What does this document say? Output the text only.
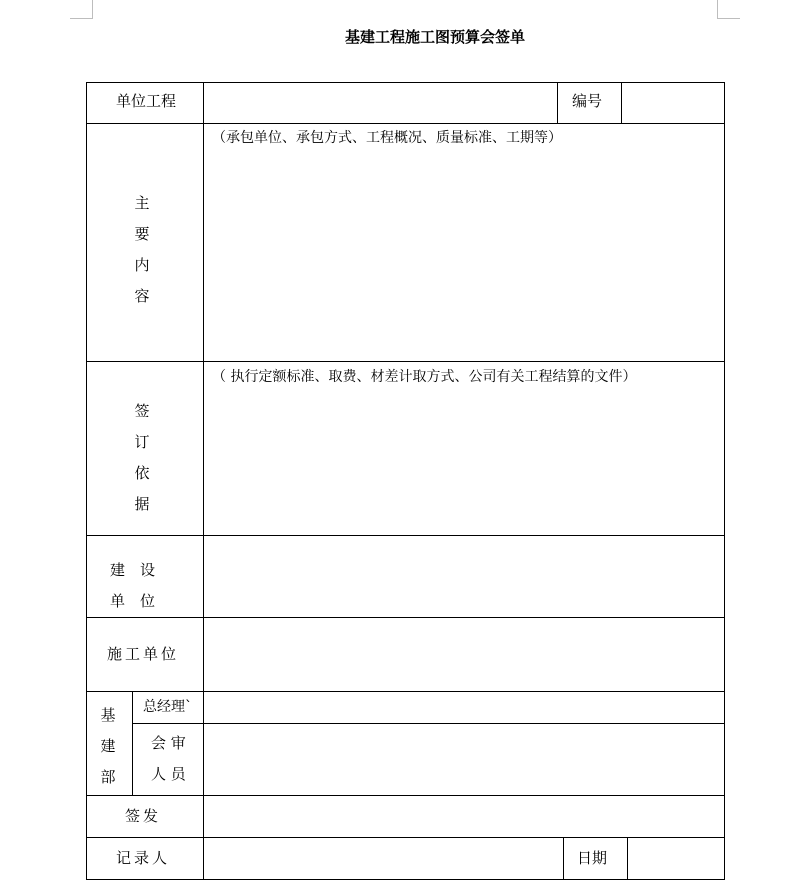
基建工程施工图预算会签单
单位工程	编号
主
要
内
容
（承包单位、承包方式、工程概况、质量标准、工期等）
签
订
依
据
（ 执行定额标准、取费、材差计取方式、公司有关工程结算的文件）
建　设
单　位
施工单位
基
建
部
总经理`
会 审
人 员
签发
记录人	日期
